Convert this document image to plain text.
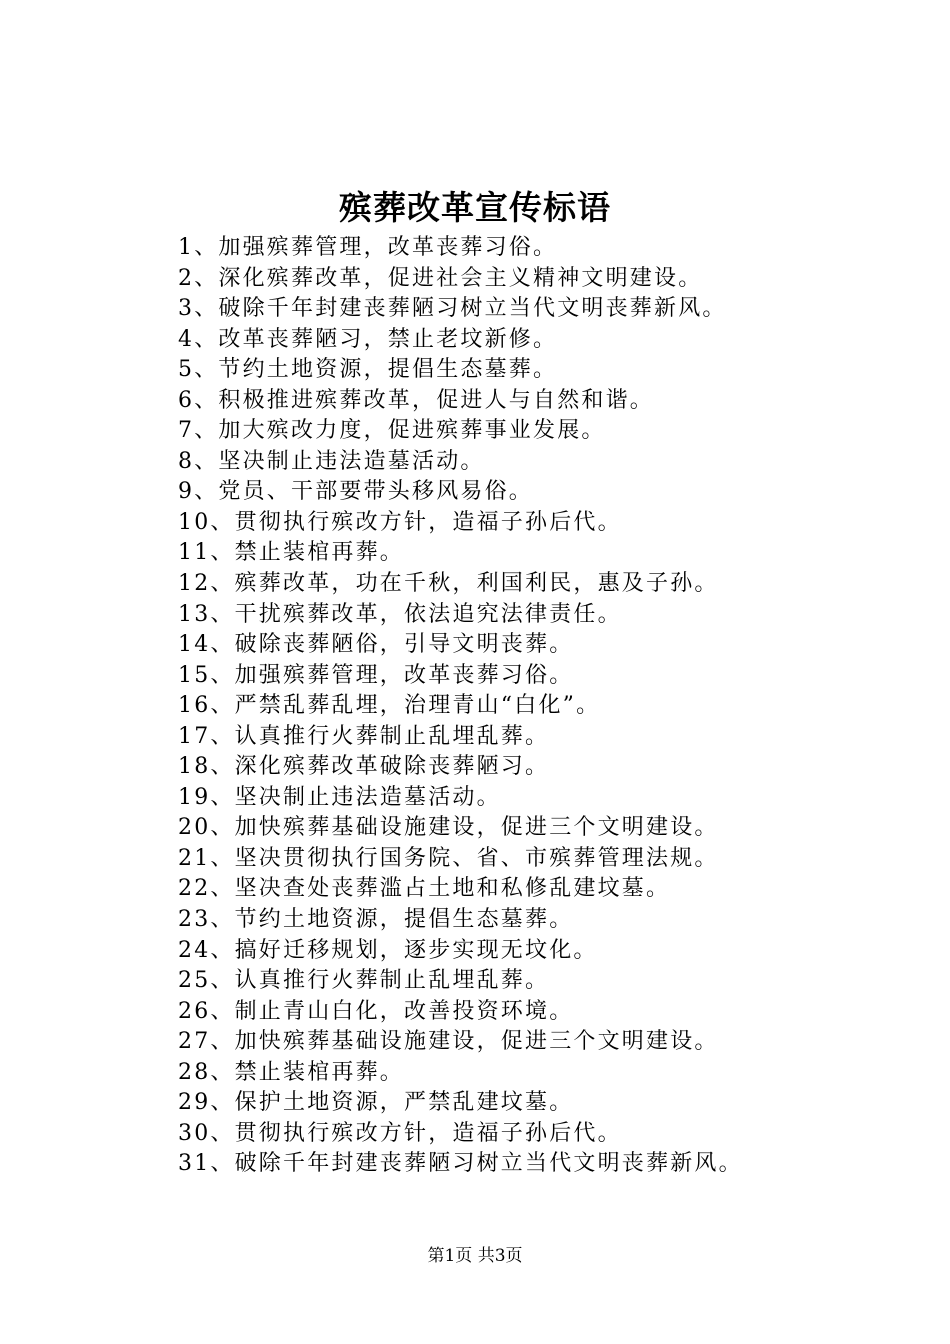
殡葬改革宣传标语
1、加强殡葬管理，改革丧葬习俗。
2、深化殡葬改革，促进社会主义精神文明建设。
3、破除千年封建丧葬陋习树立当代文明丧葬新风。
4、改革丧葬陋习，禁止老坟新修。
5、节约土地资源，提倡生态墓葬。
6、积极推进殡葬改革，促进人与自然和谐。
7、加大殡改力度，促进殡葬事业发展。
8、坚决制止违法造墓活动。
9、党员、干部要带头移风易俗。
10、贯彻执行殡改方针，造福子孙后代。
11、禁止装棺再葬。
12、殡葬改革，功在千秋，利国利民，惠及子孙。
13、干扰殡葬改革，依法追究法律责任。
14、破除丧葬陋俗，引导文明丧葬。
15、加强殡葬管理，改革丧葬习俗。
16、严禁乱葬乱埋，治理青山“白化”。
17、认真推行火葬制止乱埋乱葬。
18、深化殡葬改革破除丧葬陋习。
19、坚决制止违法造墓活动。
20、加快殡葬基础设施建设，促进三个文明建设。
21、坚决贯彻执行国务院、省、市殡葬管理法规。
22、坚决查处丧葬滥占土地和私修乱建坟墓。
23、节约土地资源，提倡生态墓葬。
24、搞好迁移规划，逐步实现无坟化。
25、认真推行火葬制止乱埋乱葬。
26、制止青山白化，改善投资环境。
27、加快殡葬基础设施建设，促进三个文明建设。
28、禁止装棺再葬。
29、保护土地资源，严禁乱建坟墓。
30、贯彻执行殡改方针，造福子孙后代。
31、破除千年封建丧葬陋习树立当代文明丧葬新风。
第1页 共3页
